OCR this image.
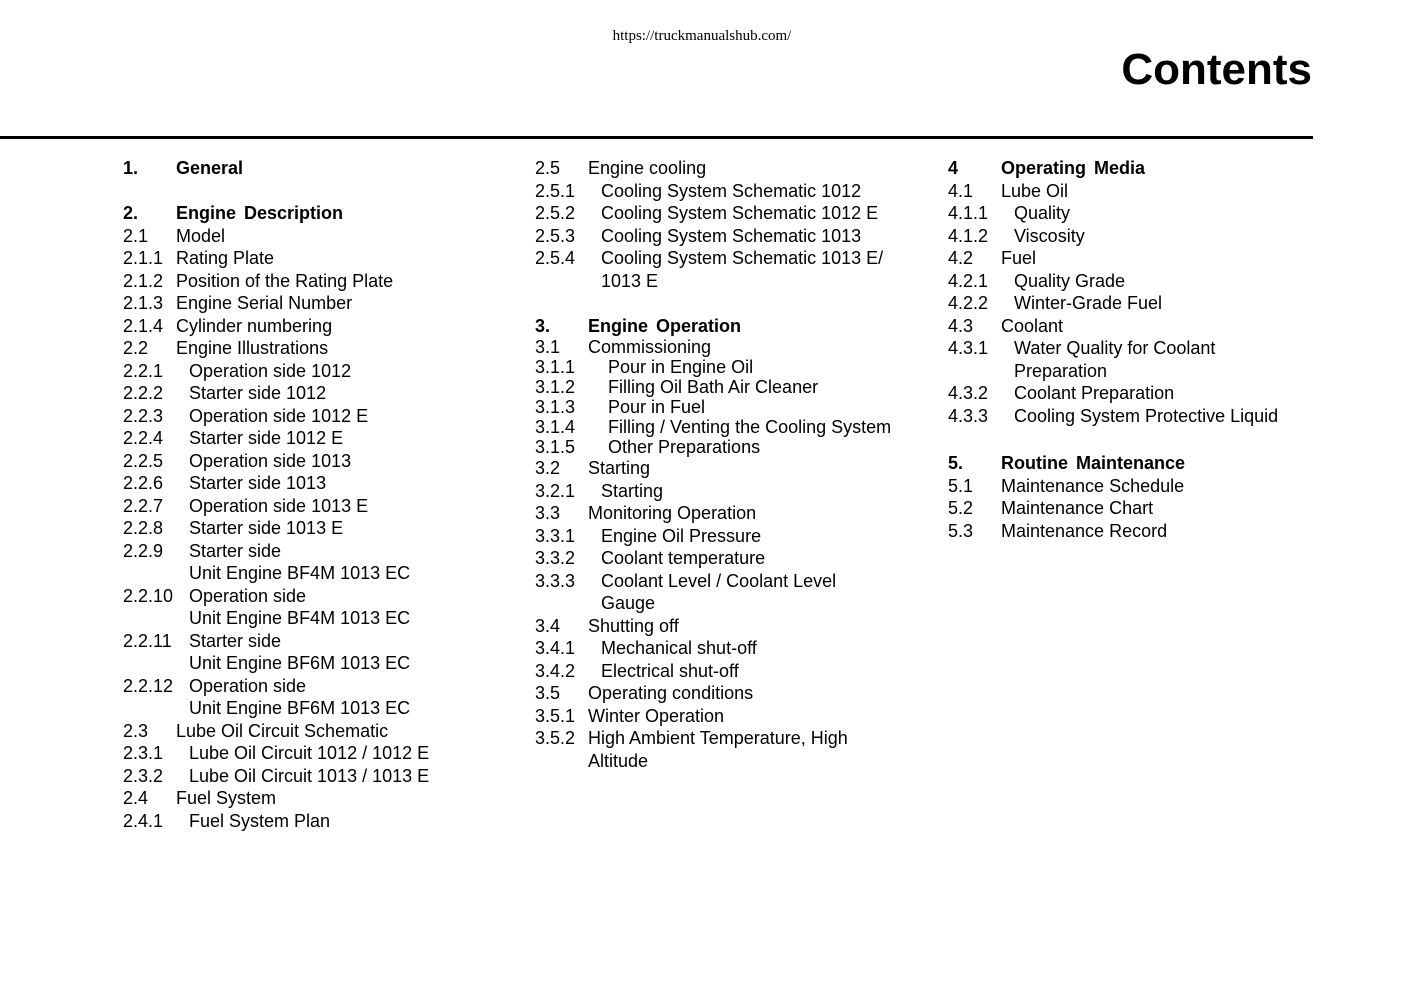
https://truckmanualshub.com/
Contents
1.	General
2.	Engine Description
2.1	Model
2.1.1 Rating Plate
2.1.2 Position of the Rating Plate
2.1.3 Engine Serial Number
2.1.4 Cylinder numbering
2.2	Engine Illustrations
2.2.1	Operation side 1012
2.2.2	Starter side 1012
2.2.3	Operation side 1012 E
2.2.4	Starter side 1012 E
2.2.5	Operation side 1013
2.2.6	Starter side 1013
2.2.7	Operation side 1013 E
2.2.8	Starter side 1013 E
2.2.9	Starter side
Unit Engine BF4M 1013 EC
2.2.10 Operation side
Unit Engine BF4M 1013 EC
2.2.11 Starter side
Unit Engine BF6M 1013 EC
2.2.12 Operation side
Unit Engine BF6M 1013 EC
2.3	Lube Oil Circuit Schematic
2.3.1	Lube Oil Circuit 1012 / 1012 E
2.3.2	Lube Oil Circuit 1013 / 1013 E
2.4	Fuel System
2.4.1	Fuel System Plan
2.5	Engine cooling
2.5.1	Cooling System Schematic 1012
2.5.2	Cooling System Schematic 1012 E
2.5.3	Cooling System Schematic 1013
2.5.4	Cooling System Schematic 1013 E/
1013 E
3.	Engine Operation
3.1	Commissioning
3.1.1	Pour in Engine Oil
3.1.2	Filling Oil Bath Air Cleaner
3.1.3	Pour in Fuel
3.1.4	Filling / Venting the Cooling System
3.1.5	Other Preparations
3.2	Starting
3.2.1	Starting
3.3	Monitoring Operation
3.3.1	Engine Oil Pressure
3.3.2	Coolant temperature
3.3.3	Coolant Level / Coolant Level
Gauge
3.4	Shutting off
3.4.1	Mechanical shut-off
3.4.2	Electrical shut-off
3.5	Operating conditions
3.5.1 Winter Operation
3.5.2 High Ambient Temperature, High
Altitude
4	Operating Media
4.1	Lube Oil
4.1.1	Quality
4.1.2	Viscosity
4.2	Fuel
4.2.1	Quality Grade
4.2.2	Winter-Grade Fuel
4.3	Coolant
4.3.1	Water Quality for Coolant
Preparation
4.3.2	Coolant Preparation
4.3.3	Cooling System Protective Liquid
5.	Routine Maintenance
5.1	Maintenance Schedule
5.2	Maintenance Chart
5.3	Maintenance Record
